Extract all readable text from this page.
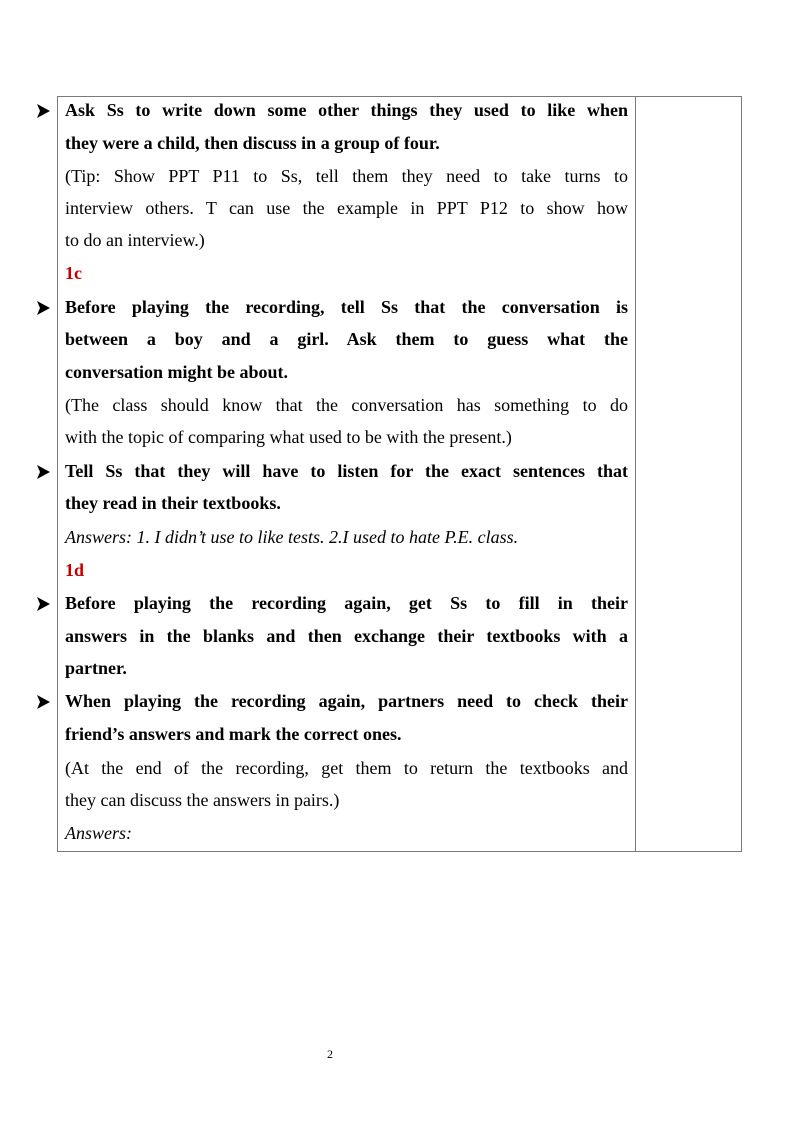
Ask Ss to write down some other things they used to like when
they were a child, then discuss in a group of four.
(Tip: Show PPT P11 to Ss, tell them they need to take turns to
interview others. T can use the example in PPT P12 to show how
to do an interview.)
1c
Before playing the recording, tell Ss that the conversation is
between a boy and a girl. Ask them to guess what the
conversation might be about.
(The class should know that the conversation has something to do
with the topic of comparing what used to be with the present.)
Tell Ss that they will have to listen for the exact sentences that
they read in their textbooks.
Answers: 1. I didn’t use to like tests. 2.I used to hate P.E. class.
1d
Before playing the recording again, get Ss to fill in their
answers in the blanks and then exchange their textbooks with a
partner.
When playing the recording again, partners need to check their
friend’s answers and mark the correct ones.
(At the end of the recording, get them to return the textbooks and
they can discuss the answers in pairs.)
Answers:
2
